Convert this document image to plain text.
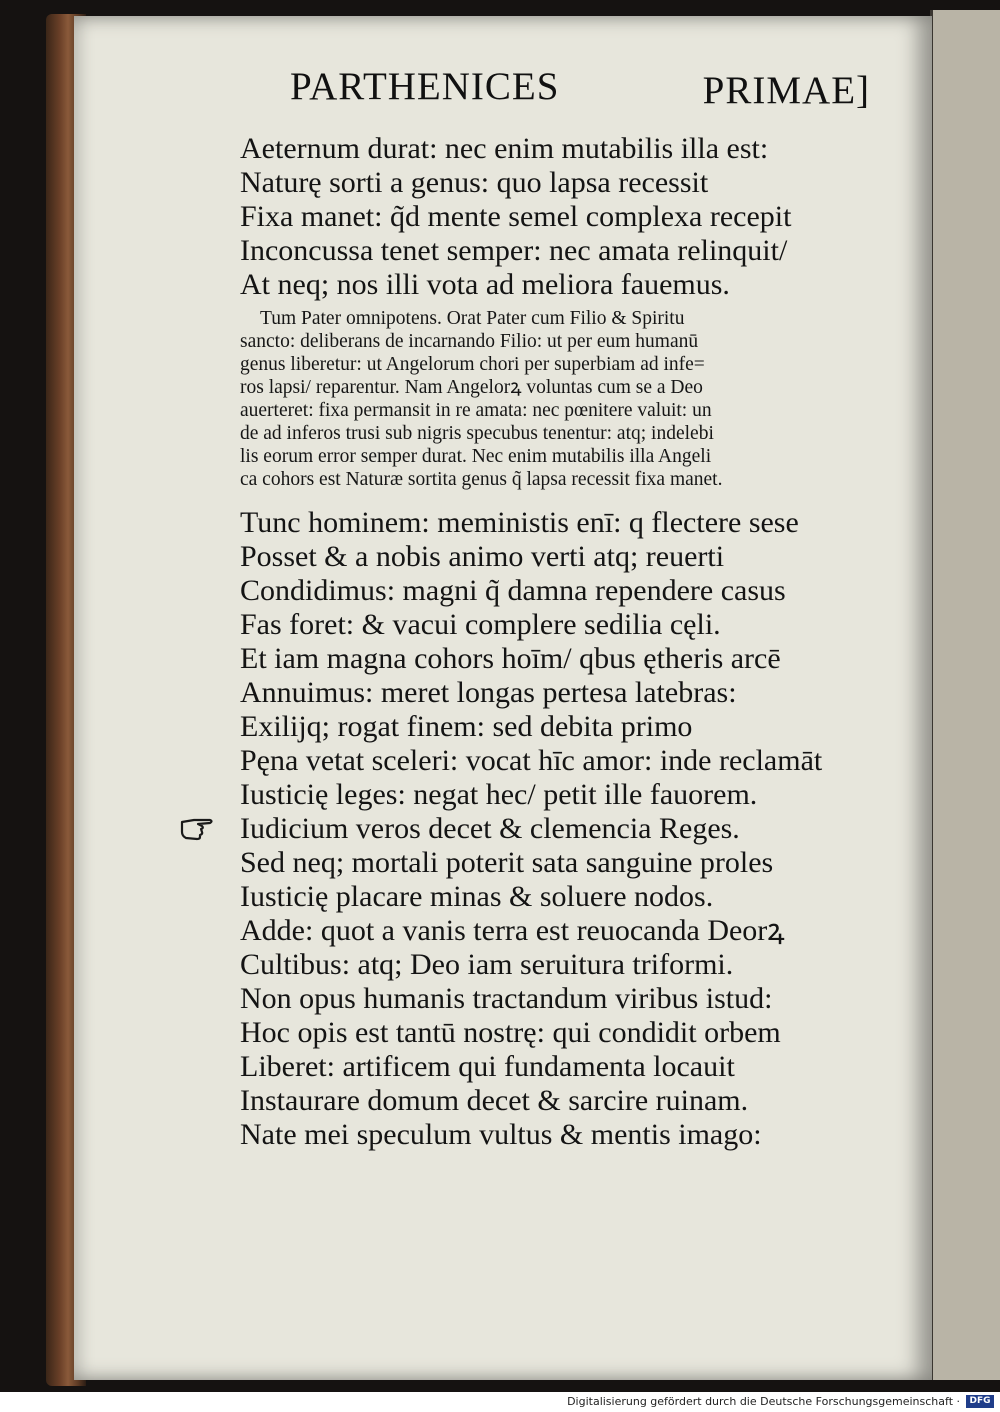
PARTHENICES	PRIMAE]
Aeternum durat: nec enim mutabilis illa est:
Naturę sorti a genus: quo lapsa recessit
Fixa manet: q̃d mente semel complexa recepit
Inconcussa tenet semper: nec amata relinquit/
At neq; nos illi vota ad meliora fauemus.
Tum Pater omnipotens. Orat Pater cum Filio & Spiritu
sancto: deliberans de incarnando Filio: ut per eum humanū
genus liberetur: ut Angelorum chori per superbiam ad infe=
ros lapsi/ reparentur. Nam Angelorꝝ voluntas cum se a Deo
auerteret: fixa permansit in re amata: nec pœnitere valuit: un
de ad inferos trusi sub nigris specubus tenentur: atq; indelebi
lis eorum error semper durat. Nec enim mutabilis illa Angeli
ca cohors est Naturæ sortita genus q̃ lapsa recessit fixa manet.
Tunc hominem: meministis enī: q flectere sese
Posset & a nobis animo verti atq; reuerti
Condidimus: magni q̃ damna rependere casus
Fas foret: & vacui complere sedilia cęli.
Et iam magna cohors hoīm/ qbus ętheris arcē
Annuimus: meret longas pertesa latebras:
Exilijq; rogat finem: sed debita primo
Pęna vetat sceleri: vocat hīc amor: inde reclamāt
Iusticię leges: negat hec/ petit ille fauorem.
Iudicium veros decet & clemencia Reges.
Sed neq; mortali poterit sata sanguine proles
Iusticię placare minas & soluere nodos.
Adde: quot a vanis terra est reuocanda Deorꝝ
Cultibus: atq; Deo iam seruitura triformi.
Non opus humanis tractandum viribus istud:
Hoc opis est tantū nostrę: qui condidit orbem
Liberet: artificem qui fundamenta locauit
Instaurare domum decet & sarcire ruinam.
Nate mei speculum vultus & mentis imago:
Digitalisierung gefördert durch die Deutsche Forschungsgemeinschaft ·	DFG
